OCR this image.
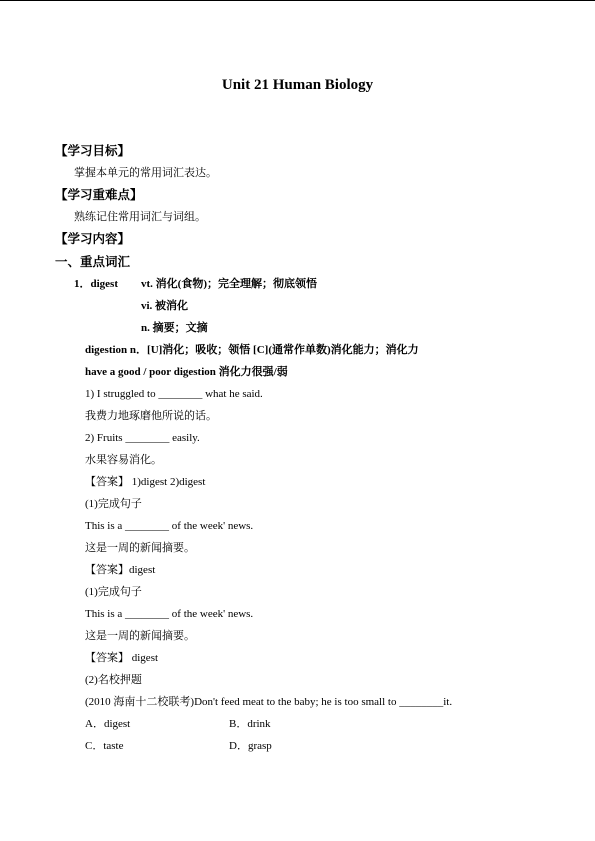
Unit 21 Human Biology
【学习目标】
掌握本单元的常用词汇表达。
【学习重难点】
熟练记住常用词汇与词组。
【学习内容】
一、重点词汇
1．digest vt. 消化(食物)；完全理解；彻底领悟
vi. 被消化
n. 摘要；文摘
digestion n．[U]消化；吸收；领悟 [C](通常作单数)消化能力；消化力
have a good / poor digestion 消化力很强/弱
1) I struggled to ________ what he said.
我费力地琢磨他所说的话。
2) Fruits ________ easily.
水果容易消化。
【答案】 1)digest 2)digest
(1)完成句子
This is a ________ of the week' news.
这是一周的新闻摘要。
【答案】digest
(1)完成句子
This is a ________ of the week' news.
这是一周的新闻摘要。
【答案】 digest
(2)名校押题
(2010 海南十二校联考)Don't feed meat to the baby; he is too small to ________it.
A．digest	B．drink
C．taste	D．grasp
